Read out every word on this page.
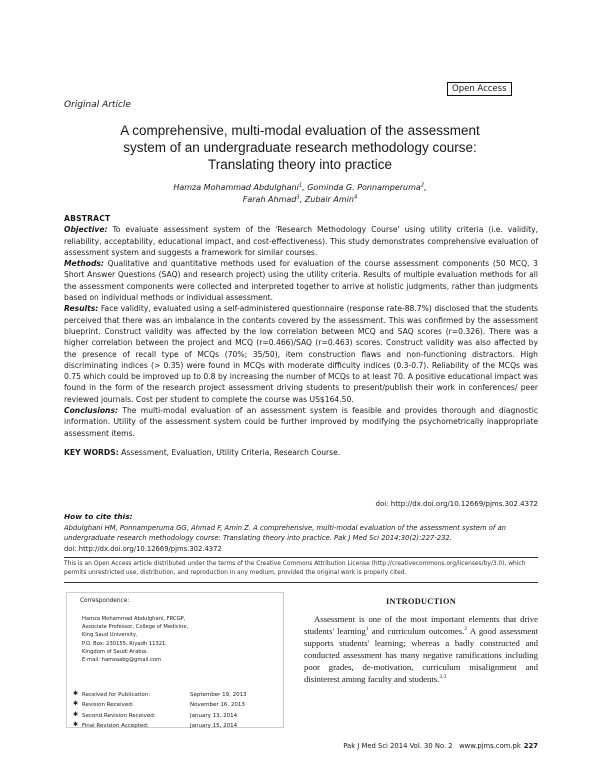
Open Access
Original Article
A comprehensive, multi-modal evaluation of the assessment system of an undergraduate research methodology course: Translating theory into practice
Hamza Mohammad Abdulghani$^1$, Gominda G. Ponnamperuma$^2$,
Farah Ahmad$^3$, Zubair Amin$^4$

ABSTRACT

Objective: To evaluate assessment system of the 'Research Methodology Course' using utility criteria (i.e. validity, reliability, acceptability, educational impact, and cost-effectiveness). This study demonstrates comprehensive evaluation of assessment system and suggests a framework for similar courses.

Methods: Qualitative and quantitative methods used for evaluation of the course assessment components (50 MCQ, 3 Short Answer Questions (SAQ) and research project) using the utility criteria. Results of multiple evaluation methods for all the assessment components were collected and interpreted together to arrive at holistic judgments, rather than judgments based on individual methods or individual assessment.

Results: Face validity, evaluated using a self-administered questionnaire (response rate-88.7%) disclosed that the students perceived that there was an imbalance in the contents covered by the assessment. This was confirmed by the assessment blueprint. Construct validity was affected by the low correlation between MCQ and SAQ scores (r=0.326). There was a higher correlation between the project and MCQ (r=0.466)/SAQ (r=0.463) scores. Construct validity was also affected by the presence of recall type of MCQs (70%; 35/50), item construction flaws and non-functioning distractors. High discriminating indices (> 0.35) were found in MCQs with moderate difficulty indices (0.3-0.7). Reliability of the MCQs was 0.75 which could be improved up to 0.8 by increasing the number of MCQs to at least 70. A positive educational impact was found in the form of the research project assessment driving students to present/publish their work in conferences/ peer reviewed journals. Cost per student to complete the course was US$164.50.

Conclusions: The multi-modal evaluation of an assessment system is feasible and provides thorough and diagnostic information. Utility of the assessment system could be further improved by modifying the psychometrically inappropriate assessment items.

KEY WORDS: Assessment, Evaluation, Utility Criteria, Research Course.

doi: http://dx.doi.org/10.12669/pjms.302.4372
How to cite this:
Abdulghani HM, Ponnamperuma GG, Ahmad F, Amin Z. A comprehensive, multi-modal evaluation of the assessment system of an undergraduate research methodology course: Translating theory into practice. Pak J Med Sci 2014;30(2):227-232.
doi: http://dx.doi.org/10.12669/pjms.302.4372
This is an Open Access article distributed under the terms of the Creative Commons Attribution License (http://creativecommons.org/licenses/by/3.0), which permits unrestricted use, distribution, and reproduction in any medium, provided the original work is properly cited.
Correspondence:
Hamza Mohammad Abdulghani, FRCGP,
Associate Professor, College of Medicine,
King Saud University,
P.O. Box: 230155, Riyadh 11321,
Kingdom of Saudi Arabia.
E-mail: hamzaabg@gmail.com
✱ Received for Publication:	September 19, 2013
✱ Revision Received:	November 16, 2013
✱ Second Revision Received:	January 13, 2014
✱ Final Revision Accepted:	January 15, 2014
INTRODUCTION

Assessment is one of the most important elements that drive students' learning$^1$ and curriculum outcomes.$^2$ A good assessment supports students' learning; whereas a badly constructed and conducted assessment has many negative ramifications including poor grades, de-motivation, curriculum misalignment and disinterest among faculty and students.$^{2,3}$

Pak J Med Sci 2014 Vol. 30 No. 2 www.pjms.com.pk 227
